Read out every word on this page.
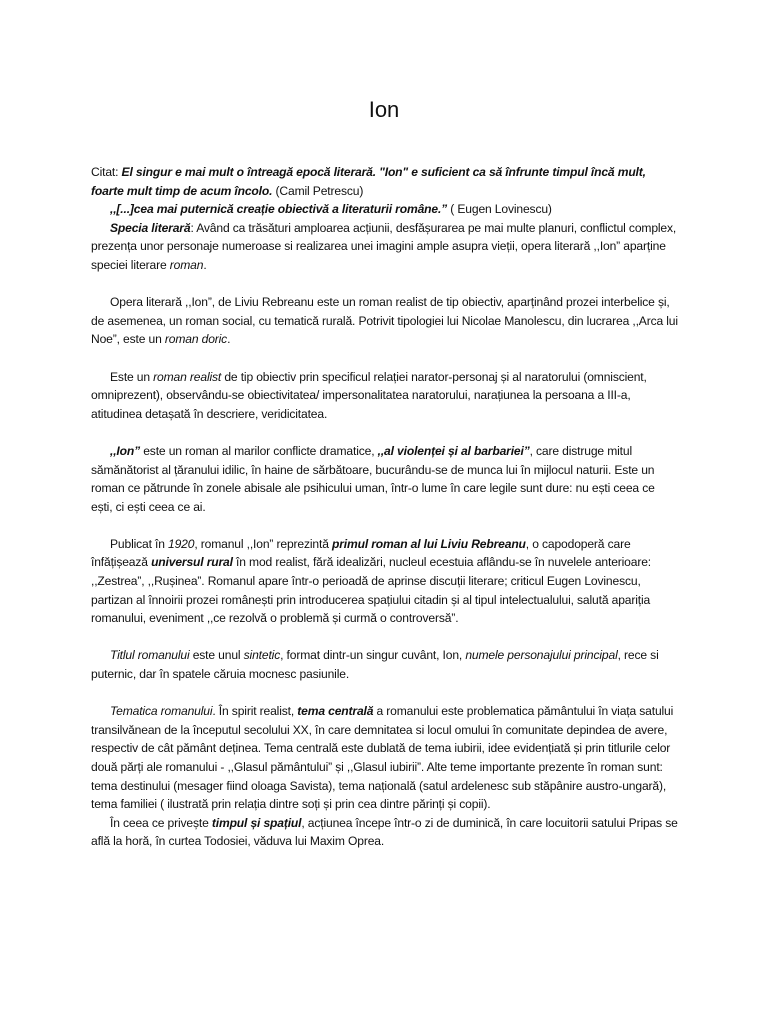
Ion

Citat: El singur e mai mult o întreagă epocă literară. "Ion" e suficient ca să înfrunte timpul încă mult, foarte mult timp de acum încolo. (Camil Petrescu)

,,[...]cea mai puternică creație obiectivă a literaturii române.” ( Eugen Lovinescu)

Specia literară: Având ca trăsături amploarea acțiunii, desfășurarea pe mai multe planuri, conflictul complex, prezența unor personaje numeroase si realizarea unei imagini ample asupra vieții, opera literară ,,Ion” aparține speciei literare roman.

Opera literară ,,Ion”, de Liviu Rebreanu este un roman realist de tip obiectiv, aparținând prozei interbelice și, de asemenea, un roman social, cu tematică rurală. Potrivit tipologiei lui Nicolae Manolescu, din lucrarea ,,Arca lui Noe”, este un roman doric.

Este un roman realist de tip obiectiv prin specificul relației narator-personaj și al naratorului (omniscient, omniprezent), observându-se obiectivitatea/ impersonalitatea naratorului, narațiunea la persoana a III-a, atitudinea detașată în descriere, veridicitatea.

,,Ion” este un roman al marilor conflicte dramatice, ,,al violenței și al barbariei”, care distruge mitul sămănătorist al țăranului idilic, în haine de sărbătoare, bucurându-se de munca lui în mijlocul naturii. Este un roman ce pătrunde în zonele abisale ale psihicului uman, într-o lume în care legile sunt dure: nu ești ceea ce ești, ci ești ceea ce ai.

Publicat în 1920, romanul ,,Ion” reprezintă primul roman al lui Liviu Rebreanu, o capodoperă care înfățișează universul rural în mod realist, fără idealizări, nucleul ecestuia aflându-se în nuvelele anterioare: ,,Zestrea”, ,,Rușinea”. Romanul apare într-o perioadă de aprinse discuții literare; criticul Eugen Lovinescu, partizan al înnoirii prozei românești prin introducerea spațiului citadin și al tipul intelectualului, salută apariția romanului, eveniment ,,ce rezolvă o problemă și curmă o controversă”.

Titlul romanului este unul sintetic, format dintr-un singur cuvânt, Ion, numele personajului principal, rece si puternic, dar în spatele căruia mocnesc pasiunile.

Tematica romanului. În spirit realist, tema centrală a romanului este problematica pământului în viața satului transilvănean de la începutul secolului XX, în care demnitatea si locul omului în comunitate depindea de avere, respectiv de cât pământ deținea. Tema centrală este dublată de tema iubirii, idee evidențiată și prin titlurile celor două părți ale romanului - ,,Glasul pământului” și ,,Glasul iubirii”. Alte teme importante prezente în roman sunt: tema destinului (mesager fiind oloaga Savista), tema națională (satul ardelenesc sub stăpânire austro-ungară), tema familiei ( ilustrată prin relația dintre soți și prin cea dintre părinți și copii).

În ceea ce privește timpul și spațiul, acțiunea începe într-o zi de duminică, în care locuitorii satului Pripas se află la horă, în curtea Todosiei, văduva lui Maxim Oprea.
